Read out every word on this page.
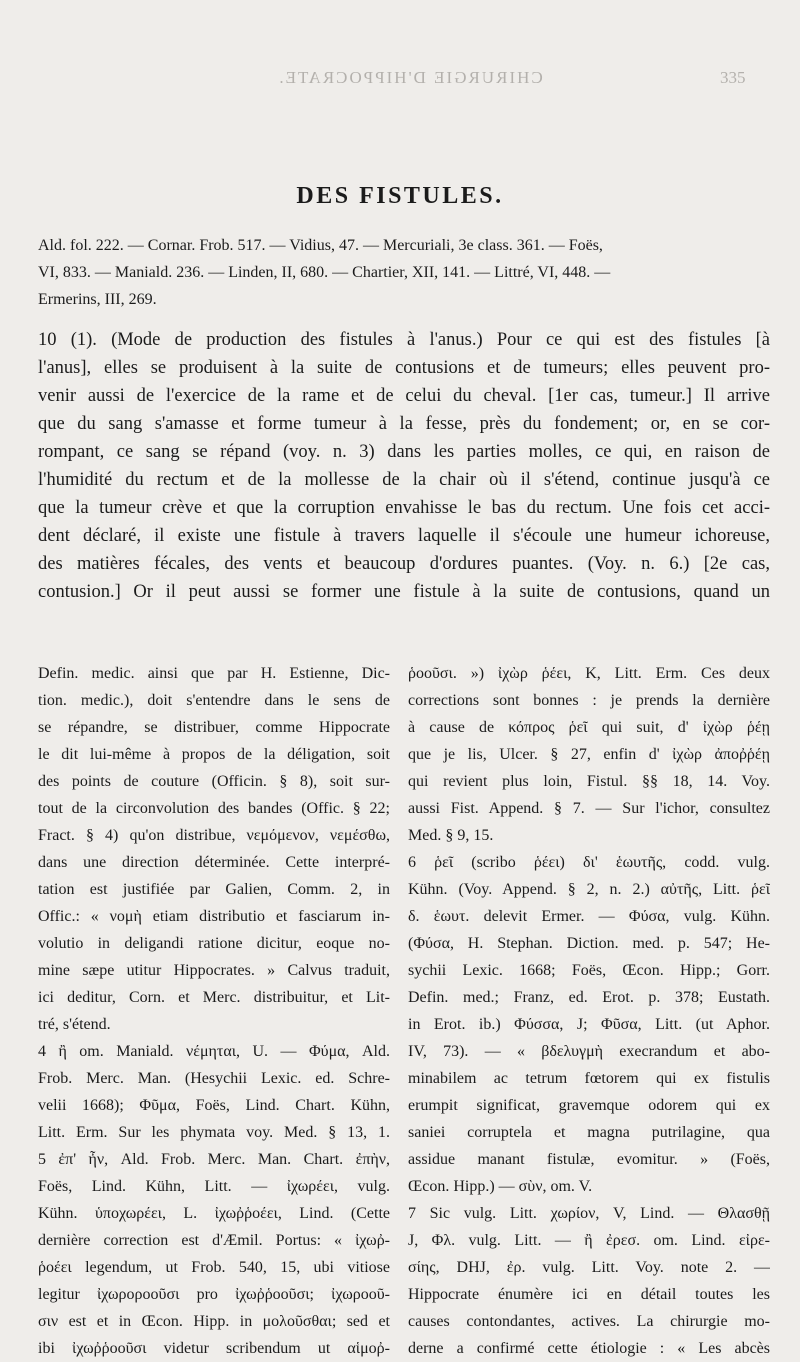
CHIRURGIE D'HIPPOCRATE.	335
DES FISTULES.
Ald. fol. 222. — Cornar. Frob. 517. — Vidius, 47. — Mercuriali, 3e class. 361. — Foës,
VI, 833. — Maniald. 236. — Linden, II, 680. — Chartier, XII, 141. — Littré, VI, 448. —
Ermerins, III, 269.
10 (1). (Mode de production des fistules à l'anus.) Pour ce qui est des fistules [à
l'anus], elles se produisent à la suite de contusions et de tumeurs; elles peuvent pro-
venir aussi de l'exercice de la rame et de celui du cheval. [1er cas, tumeur.] Il arrive
que du sang s'amasse et forme tumeur à la fesse, près du fondement; or, en se cor-
rompant, ce sang se répand (voy. n. 3) dans les parties molles, ce qui, en raison de
l'humidité du rectum et de la mollesse de la chair où il s'étend, continue jusqu'à ce
que la tumeur crève et que la corruption envahisse le bas du rectum. Une fois cet acci-
dent déclaré, il existe une fistule à travers laquelle il s'écoule une humeur ichoreuse,
des matières fécales, des vents et beaucoup d'ordures puantes. (Voy. n. 6.) [2e cas,
contusion.] Or il peut aussi se former une fistule à la suite de contusions, quand un
Defin. medic. ainsi que par H. Estienne, Dic-
tion. medic.), doit s'entendre dans le sens de
se répandre, se distribuer, comme Hippocrate
le dit lui-même à propos de la déligation, soit
des points de couture (Officin. § 8), soit sur-
tout de la circonvolution des bandes (Offic. § 22;
Fract. § 4) qu'on distribue, νεμόμενον, νεμέσθω,
dans une direction déterminée. Cette interpré-
tation est justifiée par Galien, Comm. 2, in
Offic.: « νομὴ etiam distributio et fasciarum in-
volutio in deligandi ratione dicitur, eoque no-
mine sæpe utitur Hippocrates. » Calvus traduit,
ici deditur, Corn. et Merc. distribuitur, et Lit-
tré, s'étend.
4 ἢ om. Maniald. νέμηται, U. — Φύμα, Ald.
Frob. Merc. Man. (Hesychii Lexic. ed. Schre-
velii 1668); Φῦμα, Foës, Lind. Chart. Kühn,
Litt. Erm. Sur les phymata voy. Med. § 13, 1.
5 ἐπ' ἦν, Ald. Frob. Merc. Man. Chart. ἐπὴν,
Foës, Lind. Kühn, Litt. — ἰχωρέει, vulg.
Kühn. ὑποχωρέει, L. ἰχωῤῥοέει, Lind. (Cette
dernière correction est d'Æmil. Portus: « ἰχωῤ-
ῥοέει legendum, ut Frob. 540, 15, ubi vitiose
legitur ἰχωροροοῦσι pro ἰχωῤῥοοῦσι; ἰχωροοῦ-
σιν est et in Œcon. Hipp. in μολοῦσθαι; sed et
ibi ἰχωῤῥοοῦσι videtur scribendum ut αἱμοῤ-
ῥοοῦσι. ») ἰχὼρ ῥέει, K, Litt. Erm. Ces deux
corrections sont bonnes : je prends la dernière
à cause de κόπρος ῥεῖ qui suit, d' ἰχὼρ ῥέῃ
que je lis, Ulcer. § 27, enfin d' ἰχὼρ ἀποῤῥέῃ
qui revient plus loin, Fistul. §§ 18, 14. Voy.
aussi Fist. Append. § 7. — Sur l'ichor, consultez
Med. § 9, 15.
6 ῥεῖ (scribo ῥέει) δι' ἑωυτῆς, codd. vulg.
Kühn. (Voy. Append. § 2, n. 2.) αὐτῆς, Litt. ῥεῖ
δ. ἑωυτ. delevit Ermer. — Φύσα, vulg. Kühn.
(Φύσα, H. Stephan. Diction. med. p. 547; He-
sychii Lexic. 1668; Foës, Œcon. Hipp.; Gorr.
Defin. med.; Franz, ed. Erot. p. 378; Eustath.
in Erot. ib.) Φύσσα, J; Φῦσα, Litt. (ut Aphor.
IV, 73). — « βδελυγμὴ execrandum et abo-
minabilem ac tetrum fœtorem qui ex fistulis
erumpit significat, gravemque odorem qui ex
saniei corruptela et magna putrilagine, qua
assidue manant fistulæ, evomitur. » (Foës,
Œcon. Hipp.) — σὺν, om. V.
7 Sic vulg. Litt. χωρίον, V, Lind. — Θλασθῇ
J, Φλ. vulg. Litt. — ἢ ἐρεσ. om. Lind. εἰρε-
σίης, DHJ, ἐρ. vulg. Litt. Voy. note 2. —
Hippocrate énumère ici en détail toutes les
causes contondantes, actives. La chirurgie mo-
derne a confirmé cette étiologie : « Les abcès
